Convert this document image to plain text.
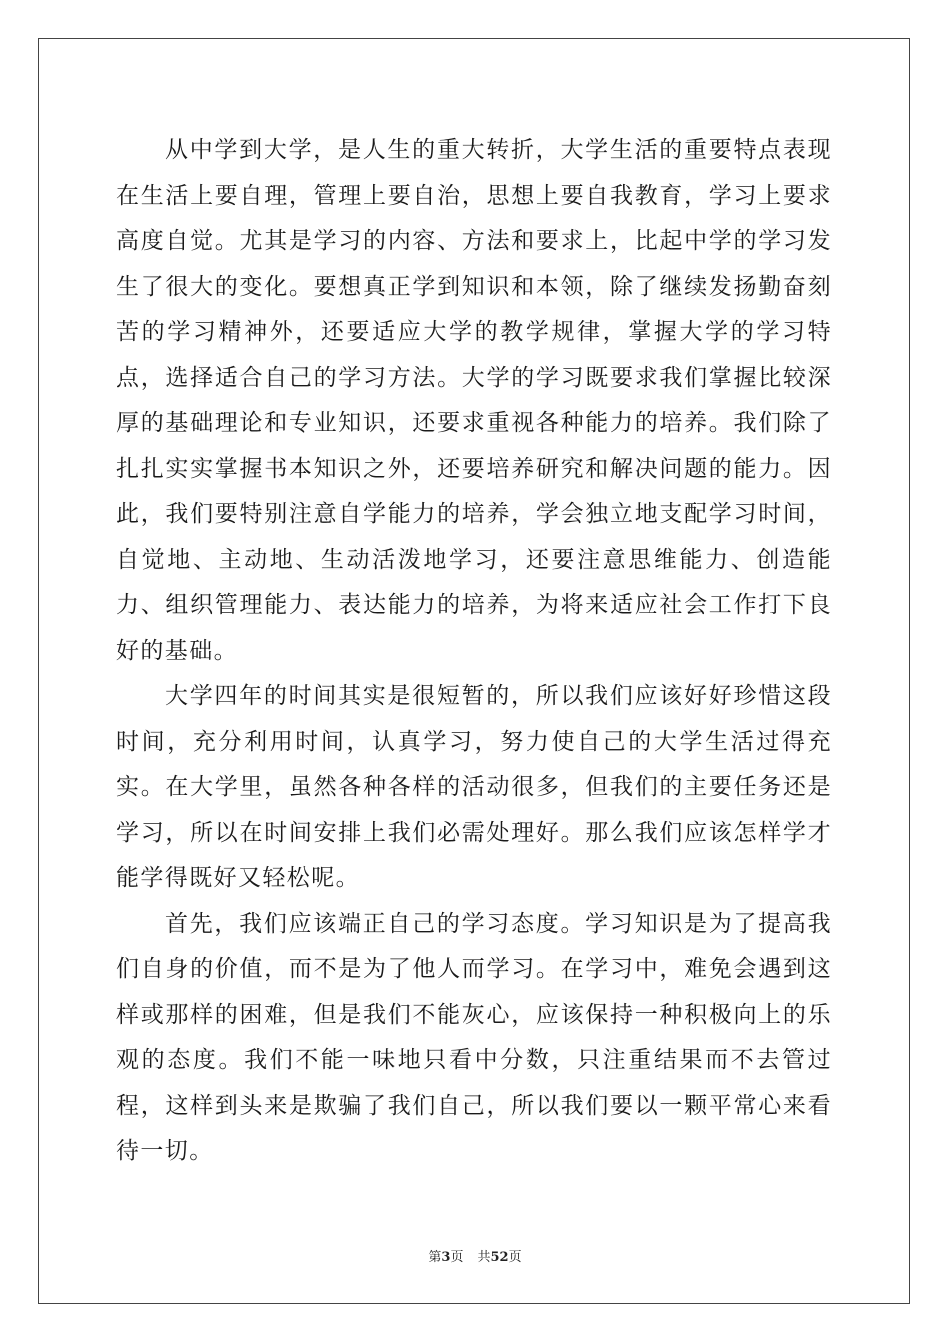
从中学到大学，是人生的重大转折，大学生活的重要特点表现在生活上要自理，管理上要自治，思想上要自我教育，学习上要求高度自觉。尤其是学习的内容、方法和要求上，比起中学的学习发生了很大的变化。要想真正学到知识和本领，除了继续发扬勤奋刻苦的学习精神外，还要适应大学的教学规律，掌握大学的学习特点，选择适合自己的学习方法。大学的学习既要求我们掌握比较深厚的基础理论和专业知识，还要求重视各种能力的培养。我们除了扎扎实实掌握书本知识之外，还要培养研究和解决问题的能力。因此，我们要特别注意自学能力的培养，学会独立地支配学习时间，自觉地、主动地、生动活泼地学习，还要注意思维能力、创造能力、组织管理能力、表达能力的培养，为将来适应社会工作打下良好的基础。

大学四年的时间其实是很短暂的，所以我们应该好好珍惜这段时间，充分利用时间，认真学习，努力使自己的大学生活过得充实。在大学里，虽然各种各样的活动很多，但我们的主要任务还是学习，所以在时间安排上我们必需处理好。那么我们应该怎样学才能学得既好又轻松呢。

首先，我们应该端正自己的学习态度。学习知识是为了提高我们自身的价值，而不是为了他人而学习。在学习中，难免会遇到这样或那样的困难，但是我们不能灰心，应该保持一种积极向上的乐观的态度。我们不能一味地只看中分数，只注重结果而不去管过程，这样到头来是欺骗了我们自己，所以我们要以一颗平常心来看待一切。

第3页 共52页
